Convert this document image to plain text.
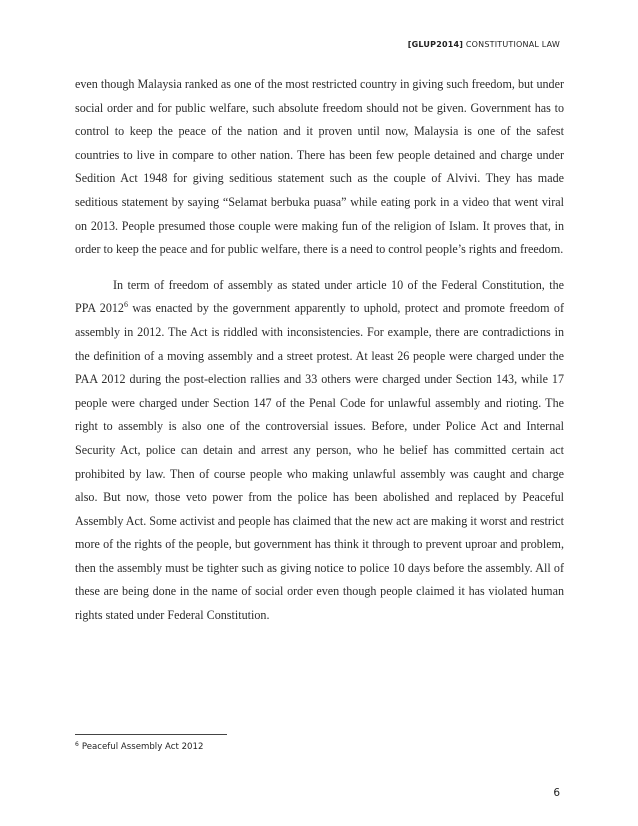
[GLUP2014] CONSTITUTIONAL LAW

even though Malaysia ranked as one of the most restricted country in giving such freedom, but under social order and for public welfare, such absolute freedom should not be given. Government has to control to keep the peace of the nation and it proven until now, Malaysia is one of the safest countries to live in compare to other nation. There has been few people detained and charge under Sedition Act 1948 for giving seditious statement such as the couple of Alvivi. They has made seditious statement by saying “Selamat berbuka puasa” while eating pork in a video that went viral on 2013. People presumed those couple were making fun of the religion of Islam. It proves that, in order to keep the peace and for public welfare, there is a need to control people’s rights and freedom.

In term of freedom of assembly as stated under article 10 of the Federal Constitution, the PPA 2012$^6$ was enacted by the government apparently to uphold, protect and promote freedom of assembly in 2012. The Act is riddled with inconsistencies. For example, there are contradictions in the definition of a moving assembly and a street protest. At least 26 people were charged under the PAA 2012 during the post-election rallies and 33 others were charged under Section 143, while 17 people were charged under Section 147 of the Penal Code for unlawful assembly and rioting. The right to assembly is also one of the controversial issues. Before, under Police Act and Internal Security Act, police can detain and arrest any person, who he belief has committed certain act prohibited by law. Then of course people who making unlawful assembly was caught and charge also. But now, those veto power from the police has been abolished and replaced by Peaceful Assembly Act. Some activist and people has claimed that the new act are making it worst and restrict more of the rights of the people, but government has think it through to prevent uproar and problem, then the assembly must be tighter such as giving notice to police 10 days before the assembly. All of these are being done in the name of social order even though people claimed it has violated human rights stated under Federal Constitution.

$^6$ Peaceful Assembly Act 2012
6
